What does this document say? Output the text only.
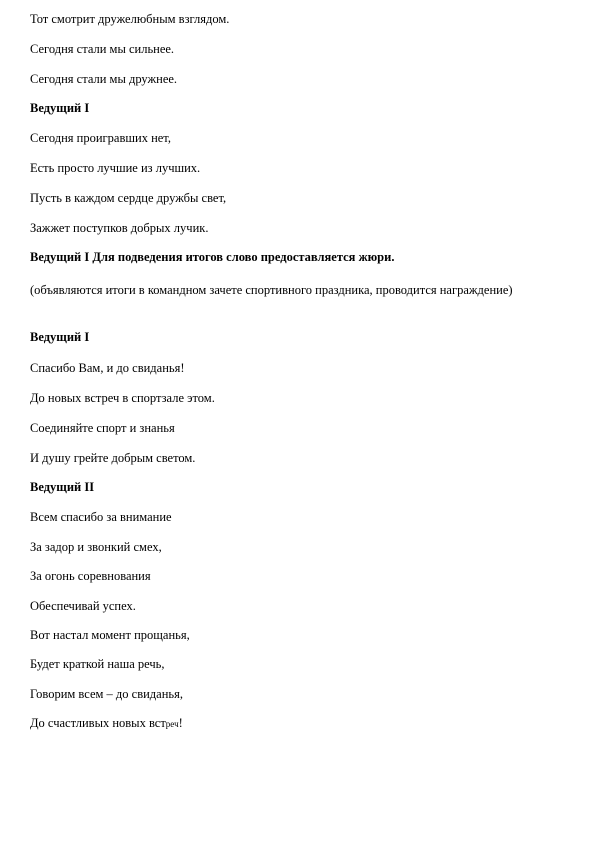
Тот смотрит дружелюбным взглядом.

Сегодня стали мы сильнее.

Сегодня стали мы дружнее.

Ведущий I

Сегодня проигравших нет,

Есть просто лучшие из лучших.

Пусть в каждом сердце дружбы свет,

Зажжет поступков добрых лучик.

Ведущий I Для подведения итогов слово предоставляется жюри.

(объявляются итоги в командном зачете спортивного праздника, проводится награждение)

Ведущий I

Спасибо Вам, и до свиданья!

До новых встреч в спортзале этом.

Соединяйте спорт и знанья

И душу грейте добрым светом.

Ведущий II

Всем спасибо за внимание

За задор и звонкий смех,

За огонь соревнования

Обеспечивай успех.

Вот настал момент прощанья,

Будет краткой наша речь,

Говорим всем – до свиданья,

До счастливых новых встреч!
